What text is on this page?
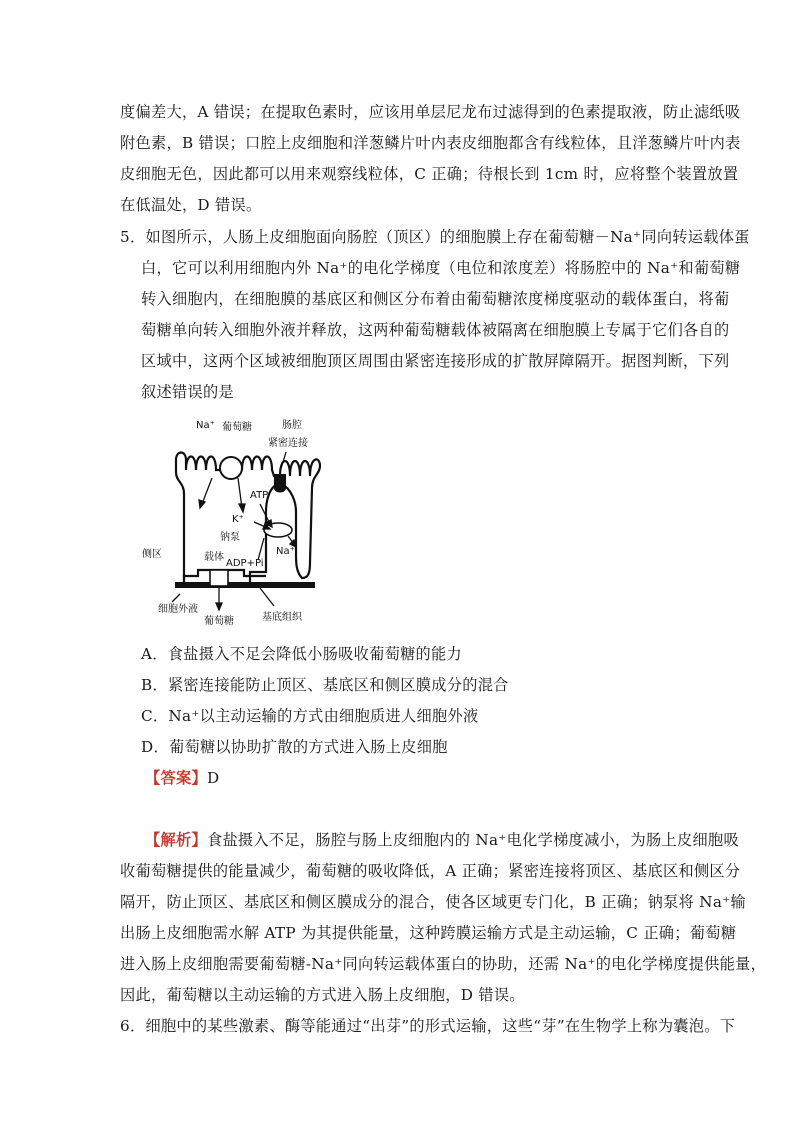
度偏差大，A 错误；在提取色素时，应该用单层尼龙布过滤得到的色素提取液，防止滤纸吸
附色素，B 错误；口腔上皮细胞和洋葱鳞片叶内表皮细胞都含有线粒体，且洋葱鳞片叶内表
皮细胞无色，因此都可以用来观察线粒体，C 正确；待根长到 1cm 时，应将整个装置放置
在低温处，D 错误。
5．如图所示，人肠上皮细胞面向肠腔（顶区）的细胞膜上存在葡萄糖－Na⁺同向转运载体蛋
白，它可以利用细胞内外 Na⁺的电化学梯度（电位和浓度差）将肠腔中的 Na⁺和葡萄糖
转入细胞内，在细胞膜的基底区和侧区分布着由葡萄糖浓度梯度驱动的载体蛋白，将葡
萄糖单向转入细胞外液并释放，这两种葡萄糖载体被隔离在细胞膜上专属于它们各自的
区域中，这两个区域被细胞顶区周围由紧密连接形成的扩散屏障隔开。据图判断，下列
叙述错误的是
Na⁺ 葡萄糖	肠腔
紧密连接
ATP
K⁺
钠泵
Na⁺
载体
ADP+Pi
侧区
细胞外液
葡萄糖	基底组织
A．食盐摄入不足会降低小肠吸收葡萄糖的能力
B．紧密连接能防止顶区、基底区和侧区膜成分的混合
C．Na⁺以主动运输的方式由细胞质进人细胞外液
D．葡萄糖以协助扩散的方式进入肠上皮细胞
【答案】D
【解析】食盐摄入不足，肠腔与肠上皮细胞内的 Na⁺电化学梯度减小，为肠上皮细胞吸
收葡萄糖提供的能量减少，葡萄糖的吸收降低，A 正确；紧密连接将顶区、基底区和侧区分
隔开，防止顶区、基底区和侧区膜成分的混合，使各区域更专门化，B 正确；钠泵将 Na⁺输
出肠上皮细胞需水解 ATP 为其提供能量，这种跨膜运输方式是主动运输，C 正确；葡萄糖
进入肠上皮细胞需要葡萄糖-Na⁺同向转运载体蛋白的协助，还需 Na⁺的电化学梯度提供能量，
因此，葡萄糖以主动运输的方式进入肠上皮细胞，D 错误。
6．细胞中的某些激素、酶等能通过“出芽”的形式运输，这些“芽”在生物学上称为囊泡。下
